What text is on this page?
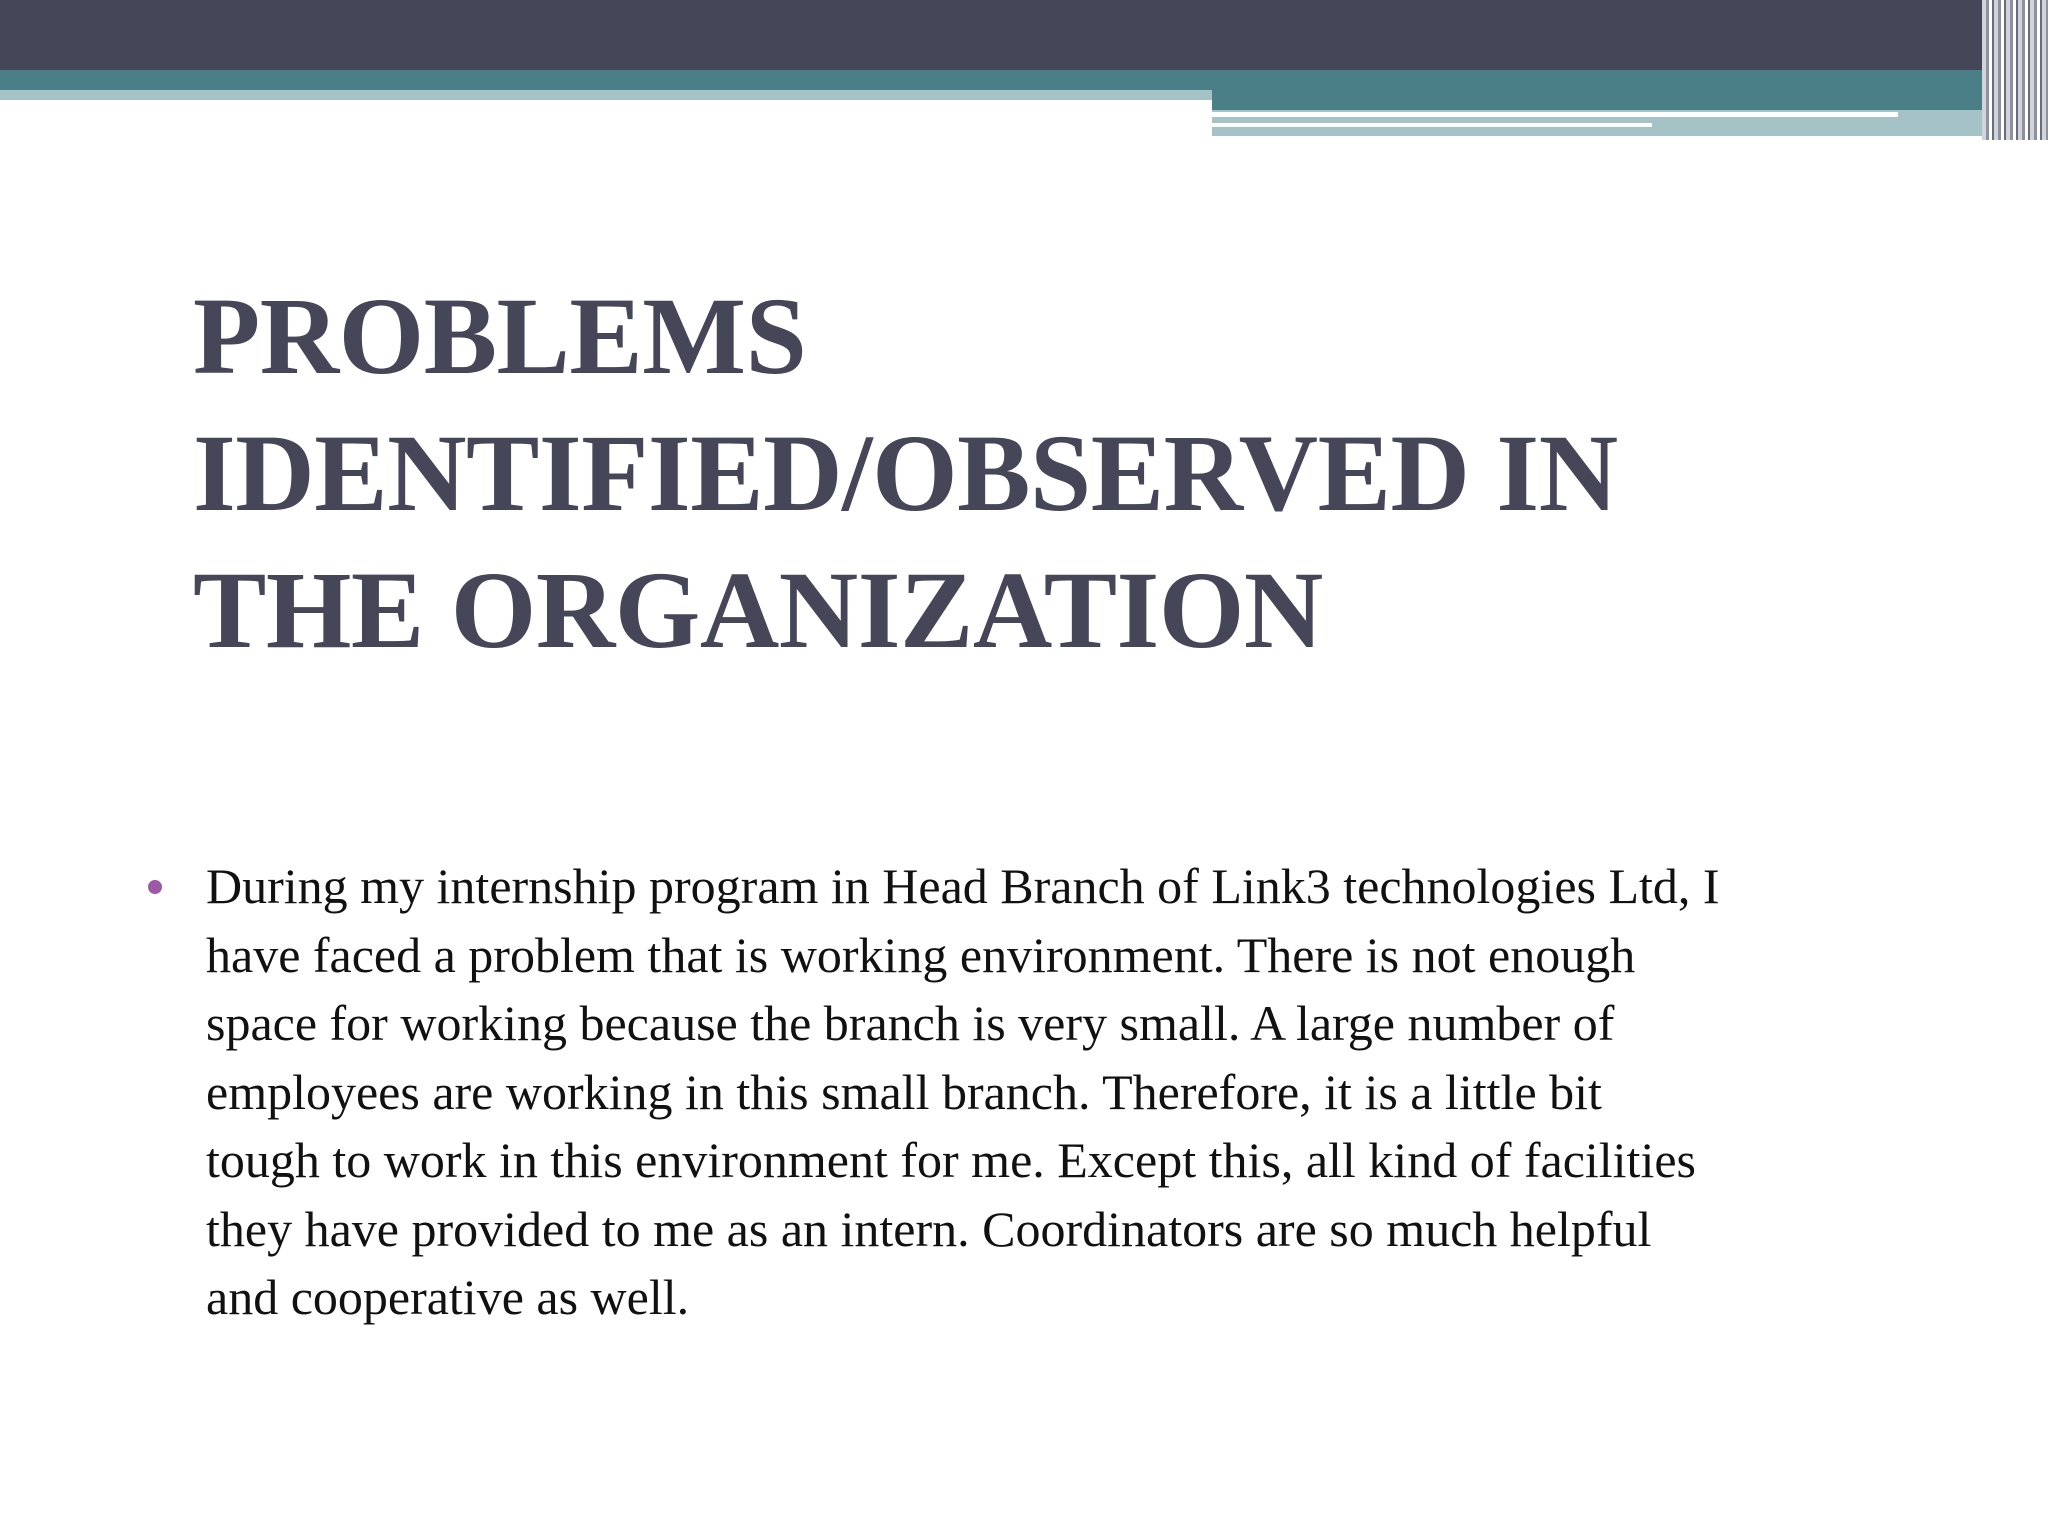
PROBLEMS
IDENTIFIED/OBSERVED IN
THE ORGANIZATION
During my internship program in Head Branch of Link3 technologies Ltd, I
have faced a problem that is working environment. There is not enough
space for working because the branch is very small. A large number of
employees are working in this small branch. Therefore, it is a little bit
tough to work in this environment for me. Except this, all kind of facilities
they have provided to me as an intern. Coordinators are so much helpful
and cooperative as well.
